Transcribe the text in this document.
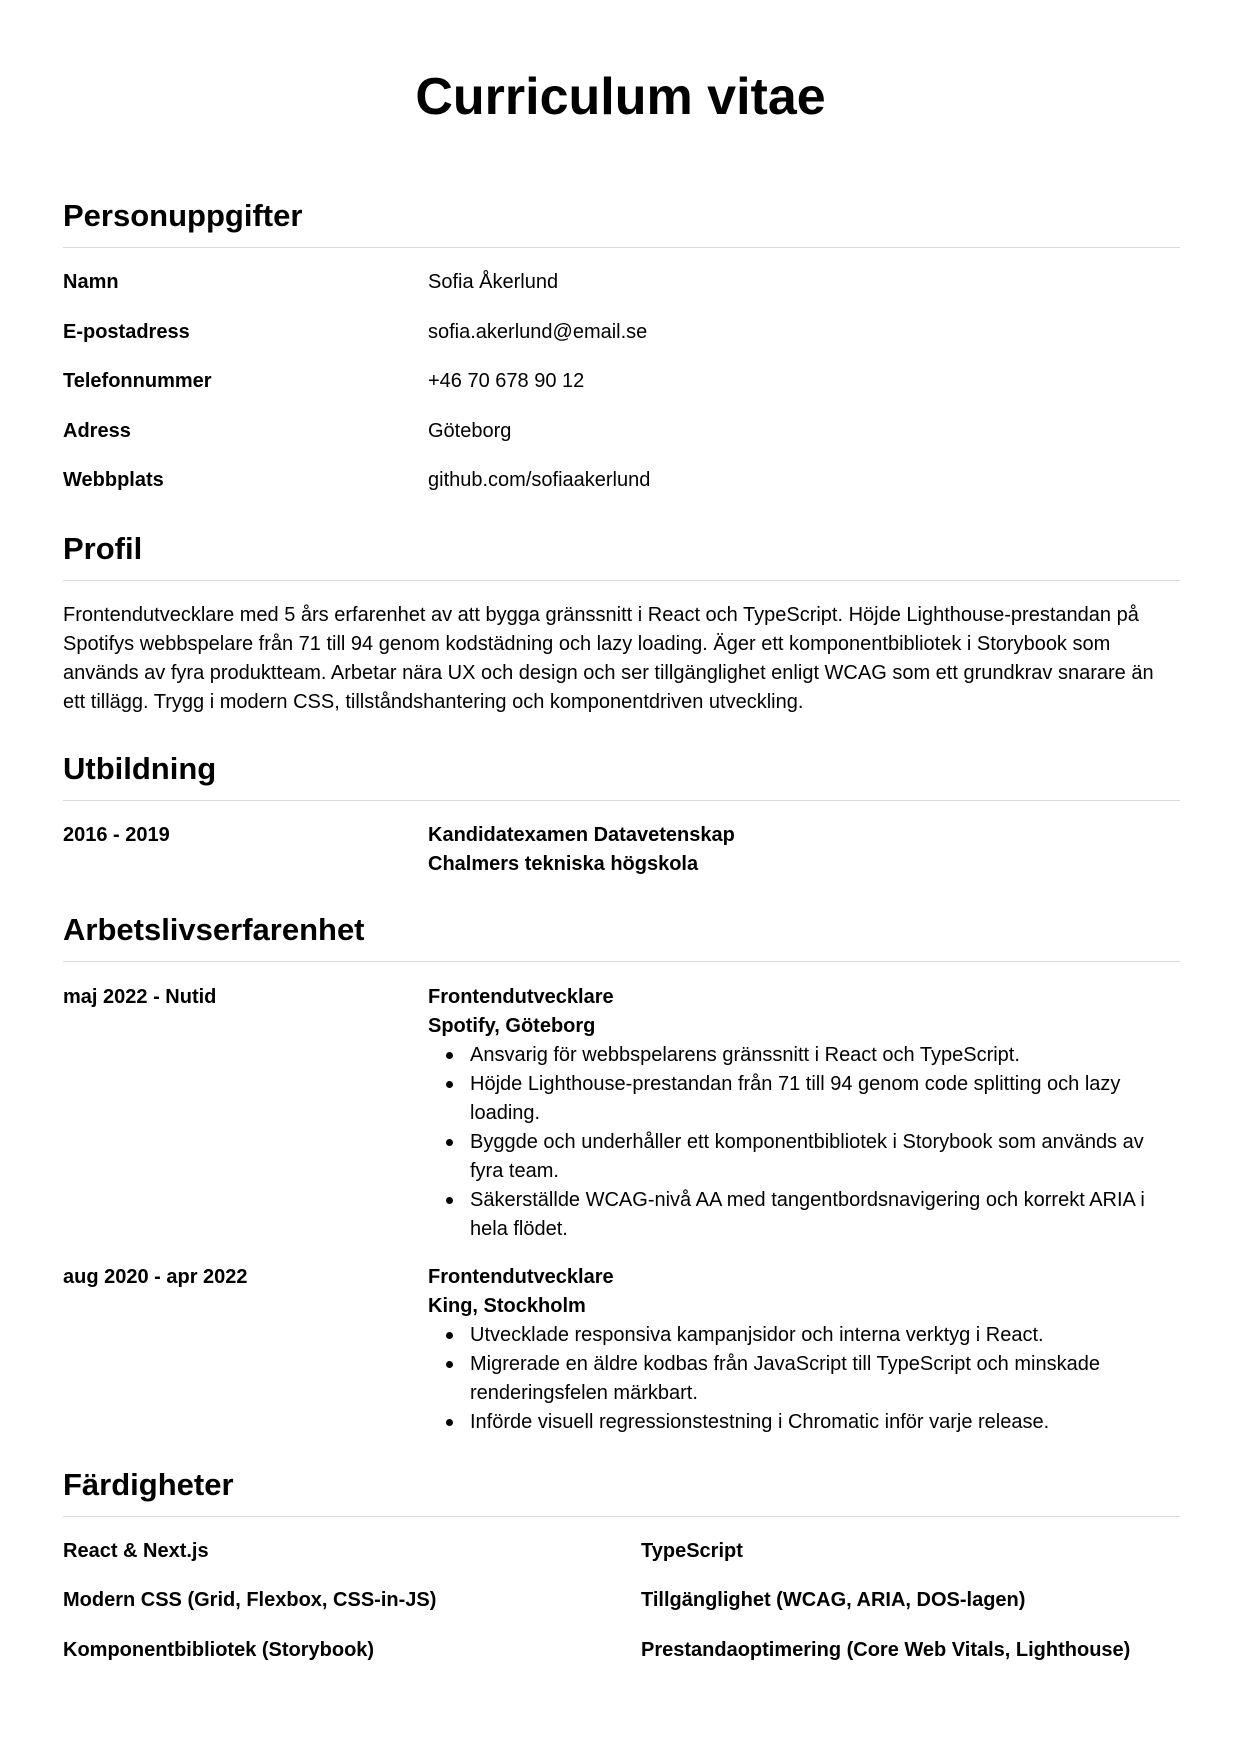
Curriculum vitae
Personuppgifter
Namn	Sofia Åkerlund
E-postadress	sofia.akerlund@email.se
Telefonnummer	+46 70 678 90 12
Adress	Göteborg
Webbplats	github.com/sofiaakerlund
Profil
Frontendutvecklare med 5 års erfarenhet av att bygga gränssnitt i React och TypeScript. Höjde Lighthouse-prestandan på Spotifys webbspelare från 71 till 94 genom kodstädning och lazy loading. Äger ett komponentbibliotek i Storybook som används av fyra produktteam. Arbetar nära UX och design och ser tillgänglighet enligt WCAG som ett grundkrav snarare än ett tillägg. Trygg i modern CSS, tillståndshantering och komponentdriven utveckling.
Utbildning
2016 - 2019	Kandidatexamen Datavetenskap
Chalmers tekniska högskola
Arbetslivserfarenhet
maj 2022 - Nutid	Frontendutvecklare
Spotify, Göteborg
Ansvarig för webbspelarens gränssnitt i React och TypeScript.
Höjde Lighthouse-prestandan från 71 till 94 genom code splitting och lazy loading.
Byggde och underhåller ett komponentbibliotek i Storybook som används av fyra team.
Säkerställde WCAG-nivå AA med tangentbordsnavigering och korrekt ARIA i hela flödet.
aug 2020 - apr 2022	Frontendutvecklare
King, Stockholm
Utvecklade responsiva kampanjsidor och interna verktyg i React.
Migrerade en äldre kodbas från JavaScript till TypeScript och minskade renderingsfelen märkbart.
Införde visuell regressionstestning i Chromatic inför varje release.
Färdigheter
React & Next.js	TypeScript
Modern CSS (Grid, Flexbox, CSS-in-JS)	Tillgänglighet (WCAG, ARIA, DOS-lagen)
Komponentbibliotek (Storybook)	Prestandaoptimering (Core Web Vitals, Lighthouse)
